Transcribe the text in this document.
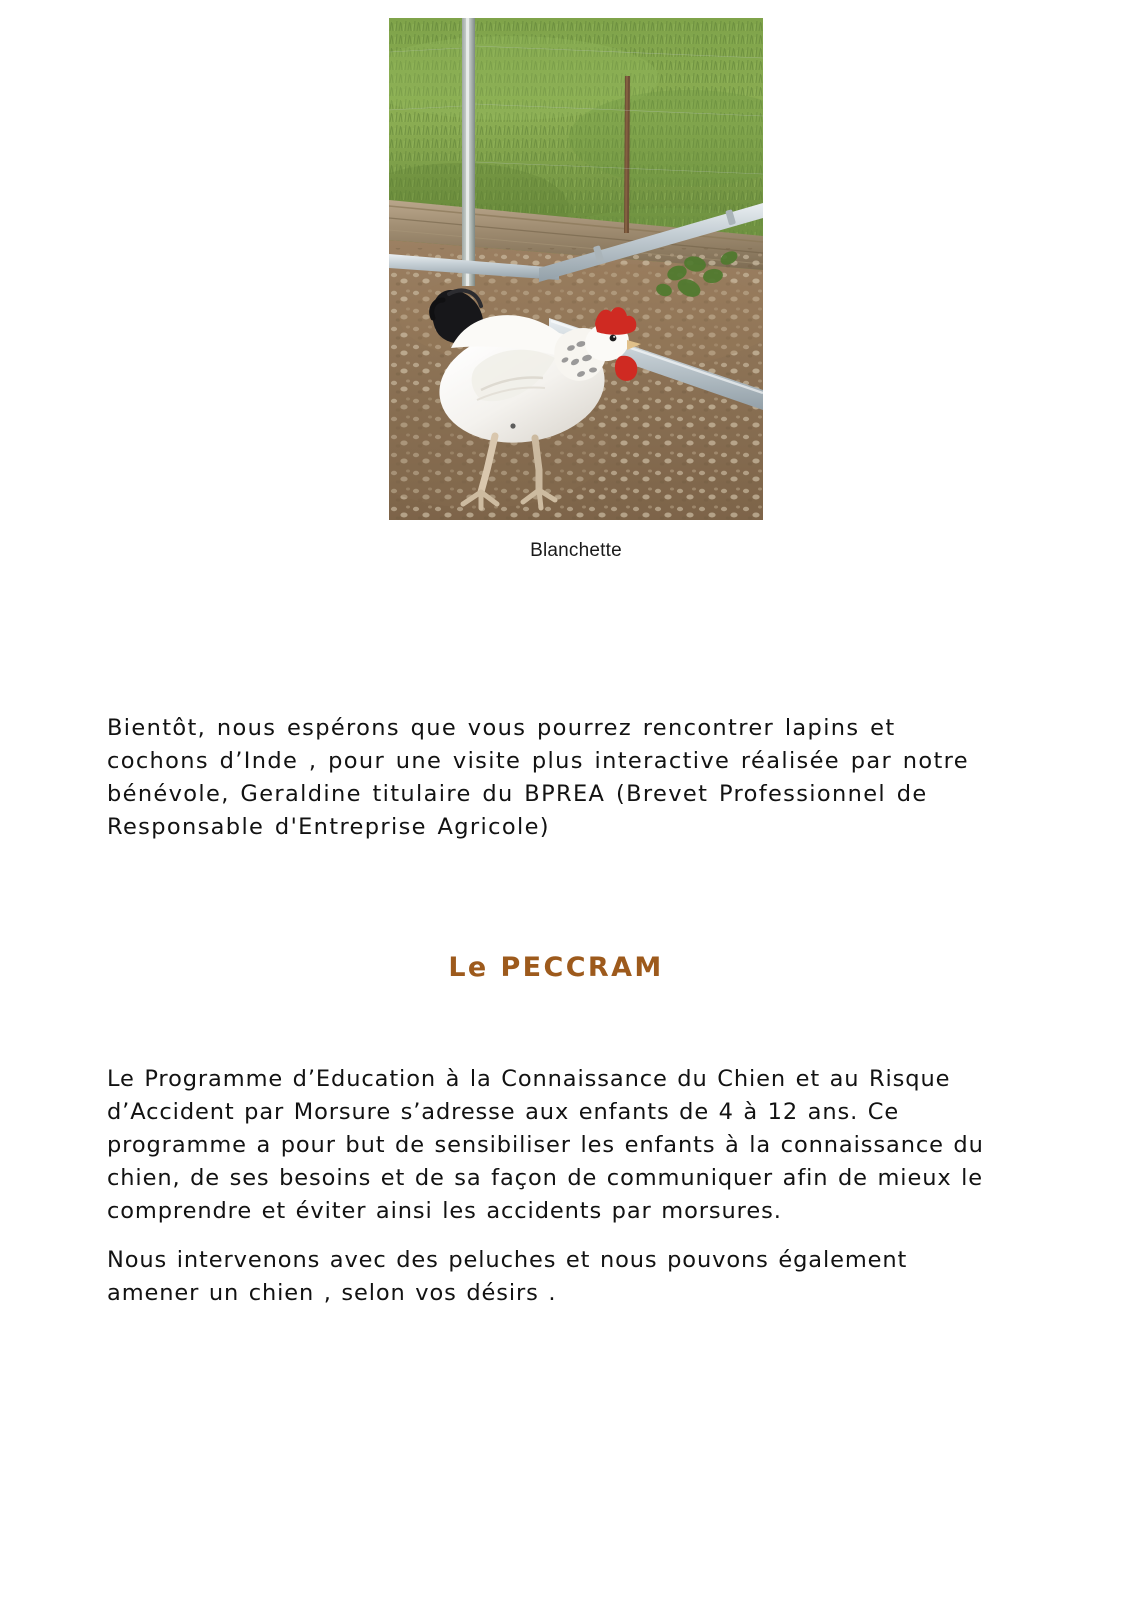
Blanchette

Bientôt, nous espérons que vous pourrez rencontrer lapins et cochons d’Inde , pour une visite plus interactive réalisée par notre bénévole, Geraldine titulaire du BPREA (Brevet Professionnel de Responsable d'Entreprise Agricole)

Le PECCRAM

Le Programme d’Education à la Connaissance du Chien et au Risque d’Accident par Morsure s’adresse aux enfants de 4 à 12 ans. Ce programme a pour but de sensibiliser les enfants à la connaissance du chien, de ses besoins et de sa façon de communiquer afin de mieux le comprendre et éviter ainsi les accidents par morsures.

Nous intervenons avec des peluches et nous pouvons également amener un chien , selon vos désirs .
